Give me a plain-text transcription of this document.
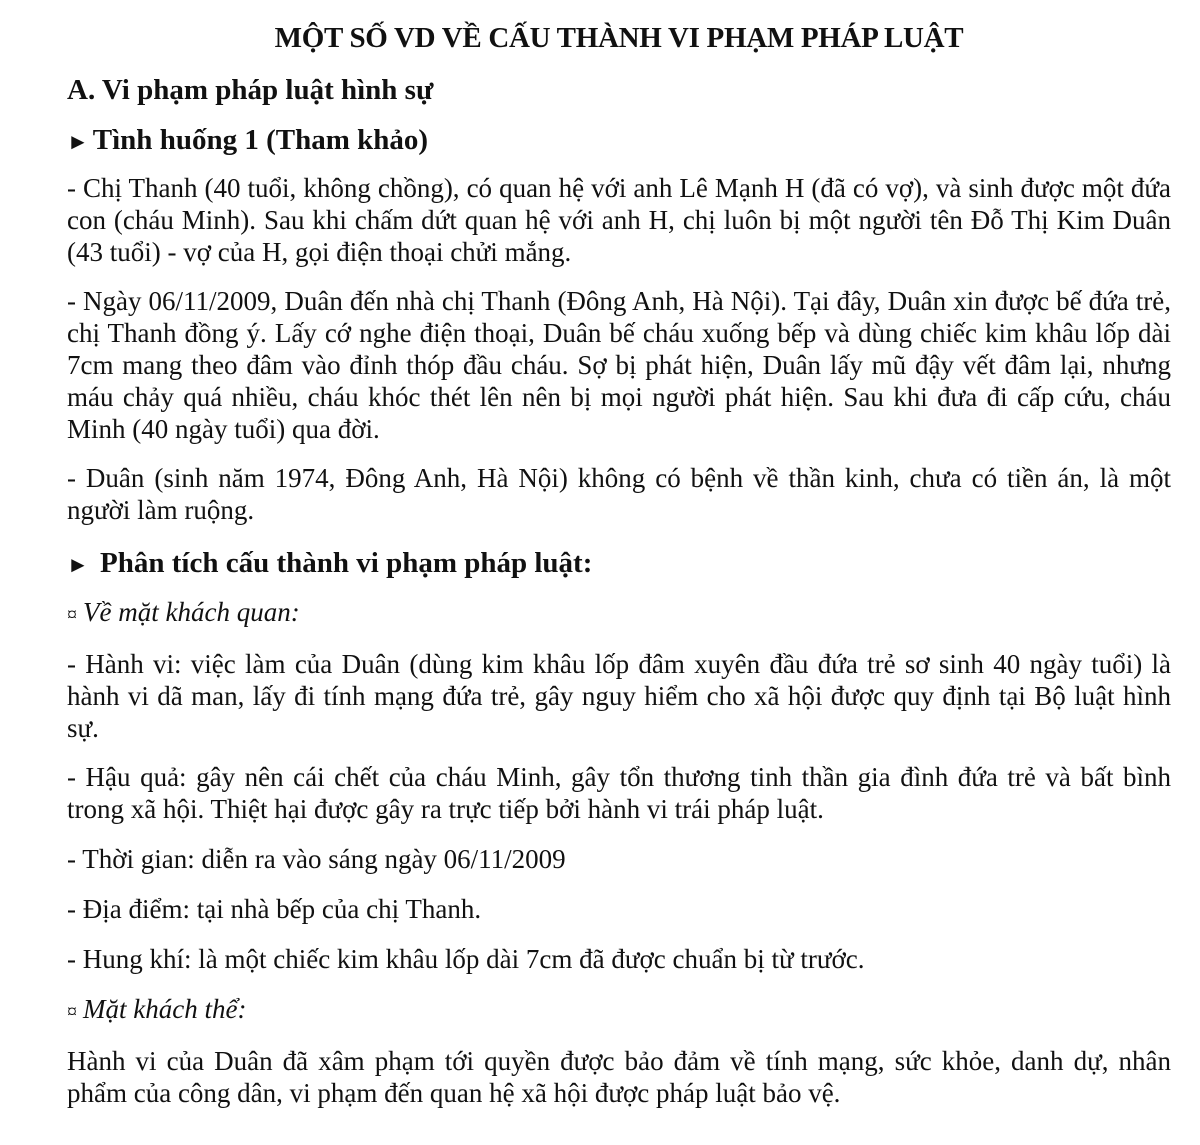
MỘT SỐ VD VỀ CẤU THÀNH VI PHẠM PHÁP LUẬT
A. Vi phạm pháp luật hình sự
► Tình huống 1 (Tham khảo)

- Chị Thanh (40 tuổi, không chồng), có quan hệ với anh Lê Mạnh H (đã có vợ), và sinh được một đứa con (cháu Minh). Sau khi chấm dứt quan hệ với anh H, chị luôn bị một người tên Đỗ Thị Kim Duân (43 tuổi) - vợ của H, gọi điện thoại chửi mắng.

- Ngày 06/11/2009, Duân đến nhà chị Thanh (Đông Anh, Hà Nội). Tại đây, Duân xin được bế đứa trẻ, chị Thanh đồng ý. Lấy cớ nghe điện thoại, Duân bế cháu xuống bếp và dùng chiếc kim khâu lốp dài 7cm mang theo đâm vào đỉnh thóp đầu cháu. Sợ bị phát hiện, Duân lấy mũ đậy vết đâm lại, nhưng máu chảy quá nhiều, cháu khóc thét lên nên bị mọi người phát hiện. Sau khi đưa đi cấp cứu, cháu Minh (40 ngày tuổi) qua đời.

- Duân (sinh năm 1974, Đông Anh, Hà Nội) không có bệnh về thần kinh, chưa có tiền án, là một người làm ruộng.

► Phân tích cấu thành vi phạm pháp luật:
¤ Về mặt khách quan:

- Hành vi: việc làm của Duân (dùng kim khâu lốp đâm xuyên đầu đứa trẻ sơ sinh 40 ngày tuổi) là hành vi dã man, lấy đi tính mạng đứa trẻ, gây nguy hiểm cho xã hội được quy định tại Bộ luật hình sự.

- Hậu quả: gây nên cái chết của cháu Minh, gây tổn thương tinh thần gia đình đứa trẻ và bất bình trong xã hội. Thiệt hại được gây ra trực tiếp bởi hành vi trái pháp luật.

- Thời gian: diễn ra vào sáng ngày 06/11/2009
- Địa điểm: tại nhà bếp của chị Thanh.
- Hung khí: là một chiếc kim khâu lốp dài 7cm đã được chuẩn bị từ trước.
¤ Mặt khách thể:

Hành vi của Duân đã xâm phạm tới quyền được bảo đảm về tính mạng, sức khỏe, danh dự, nhân phẩm của công dân, vi phạm đến quan hệ xã hội được pháp luật bảo vệ.
